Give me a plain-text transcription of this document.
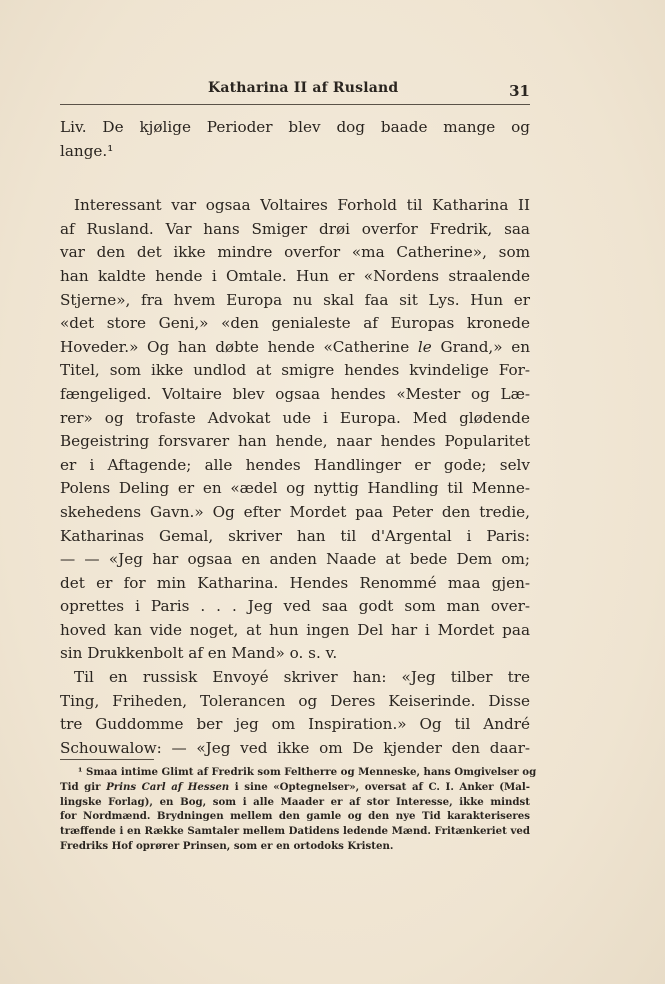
Katharina II af Rusland	31
Liv. De kjølige Perioder blev dog baade mange og
lange.¹
Interessant var ogsaa Voltaires Forhold til Katharina II
af Rusland. Var hans Smiger drøi overfor Fredrik, saa
var den det ikke mindre overfor «ma Catherine», som
han kaldte hende i Omtale. Hun er «Nordens straalende
Stjerne», fra hvem Europa nu skal faa sit Lys. Hun er
«det store Geni,» «den genialeste af Europas kronede
Hoveder.» Og han døbte hende «Catherine le Grand,» en
Titel, som ikke undlod at smigre hendes kvindelige For-
fængeliged. Voltaire blev ogsaa hendes «Mester og Læ-
rer» og trofaste Advokat ude i Europa. Med glødende
Begeistring forsvarer han hende, naar hendes Popularitet
er i Aftagende; alle hendes Handlinger er gode; selv
Polens Deling er en «ædel og nyttig Handling til Menne-
skehedens Gavn.» Og efter Mordet paa Peter den tredie,
Katharinas Gemal, skriver han til d'Argental i Paris:
— — «Jeg har ogsaa en anden Naade at bede Dem om;
det er for min Katharina. Hendes Renommé maa gjen-
oprettes i Paris . . . Jeg ved saa godt som man over-
hoved kan vide noget, at hun ingen Del har i Mordet paa
sin Drukkenbolt af en Mand» o. s. v.
Til en russisk Envoyé skriver han: «Jeg tilber tre
Ting, Friheden, Tolerancen og Deres Keiserinde. Disse
tre Guddomme ber jeg om Inspiration.» Og til André
Schouwalow: — «Jeg ved ikke om De kjender den daar-
¹ Smaa intime Glimt af Fredrik som Feltherre og Menneske, hans Omgivelser og
Tid gir Prins Carl af Hessen i sine «Optegnelser», oversat af C. I. Anker (Mal-
lingske Forlag), en Bog, som i alle Maader er af stor Interesse, ikke mindst
for Nordmænd. Brydningen mellem den gamle og den nye Tid karakteriseres
træffende i en Række Samtaler mellem Datidens ledende Mænd. Fritænkeriet ved
Fredriks Hof oprører Prinsen, som er en ortodoks Kristen.
